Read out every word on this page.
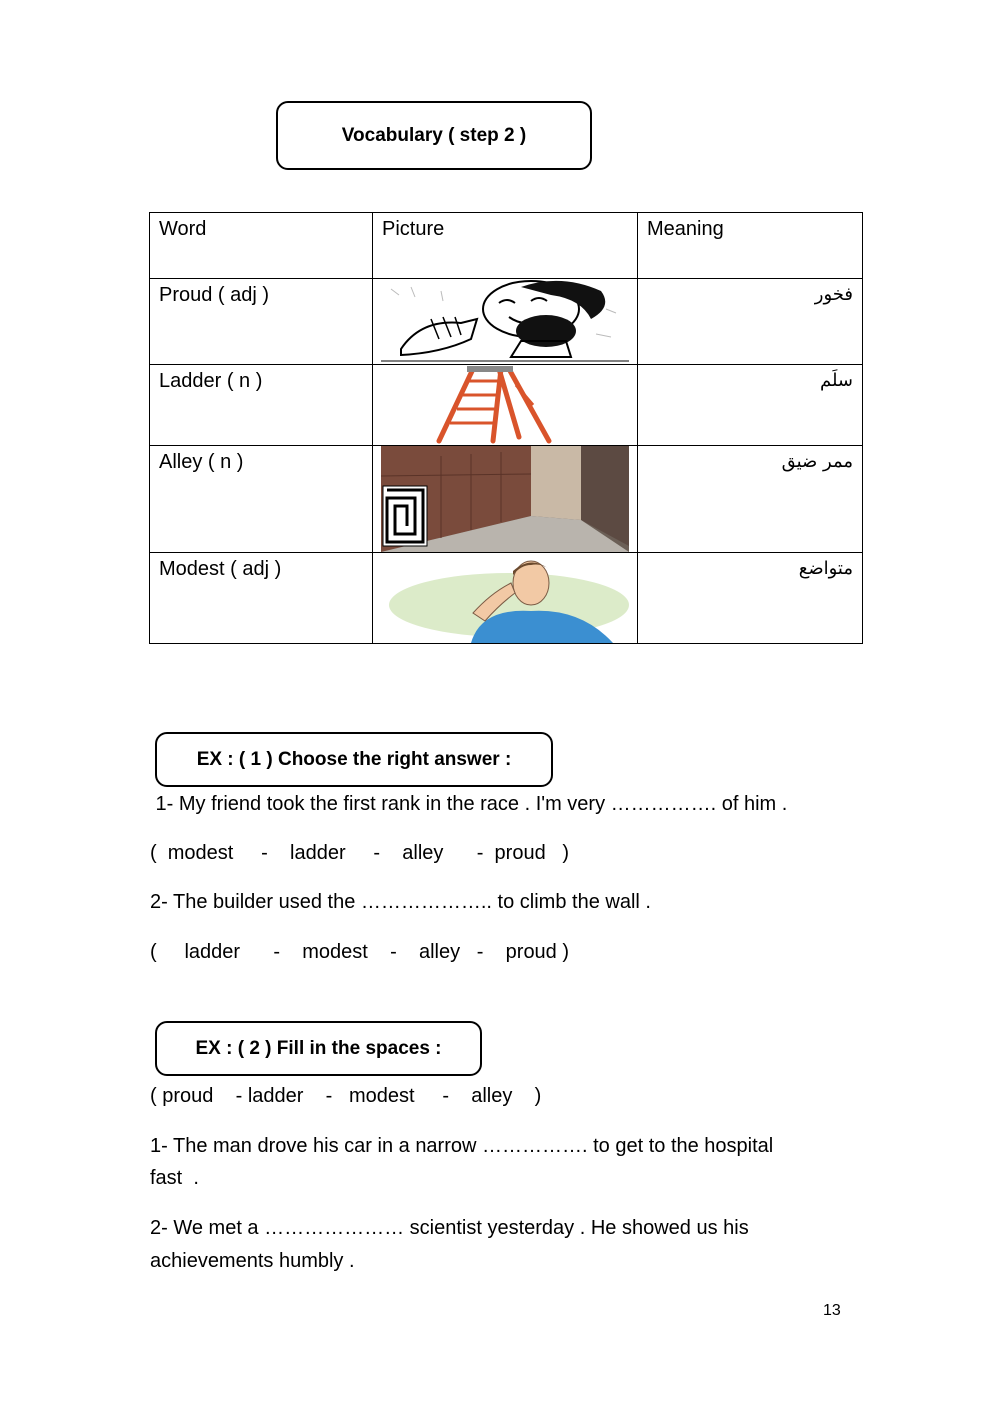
Vocabulary ( step 2 )
Word	Picture	Meaning

Proud ( adj )		فخور

Ladder ( n )		سلَم

Alley ( n )		ممر ضيق

Modest ( adj )		متواضع
EX : ( 1 ) Choose the right answer :
1- My friend took the first rank in the race . I'm very ……………. of him .
(  modest     -    ladder     -    alley      -  proud   )
2- The builder used the ……………….. to climb the wall .
(     ladder      -    modest    -    alley   -    proud )
EX : ( 2 ) Fill in the spaces :
( proud    - ladder    -   modest     -    alley    )
1- The man drove his car in a narrow ……………. to get to the hospital
fast  .
2- We met a ………………… scientist yesterday . He showed us his
achievements humbly .
13
